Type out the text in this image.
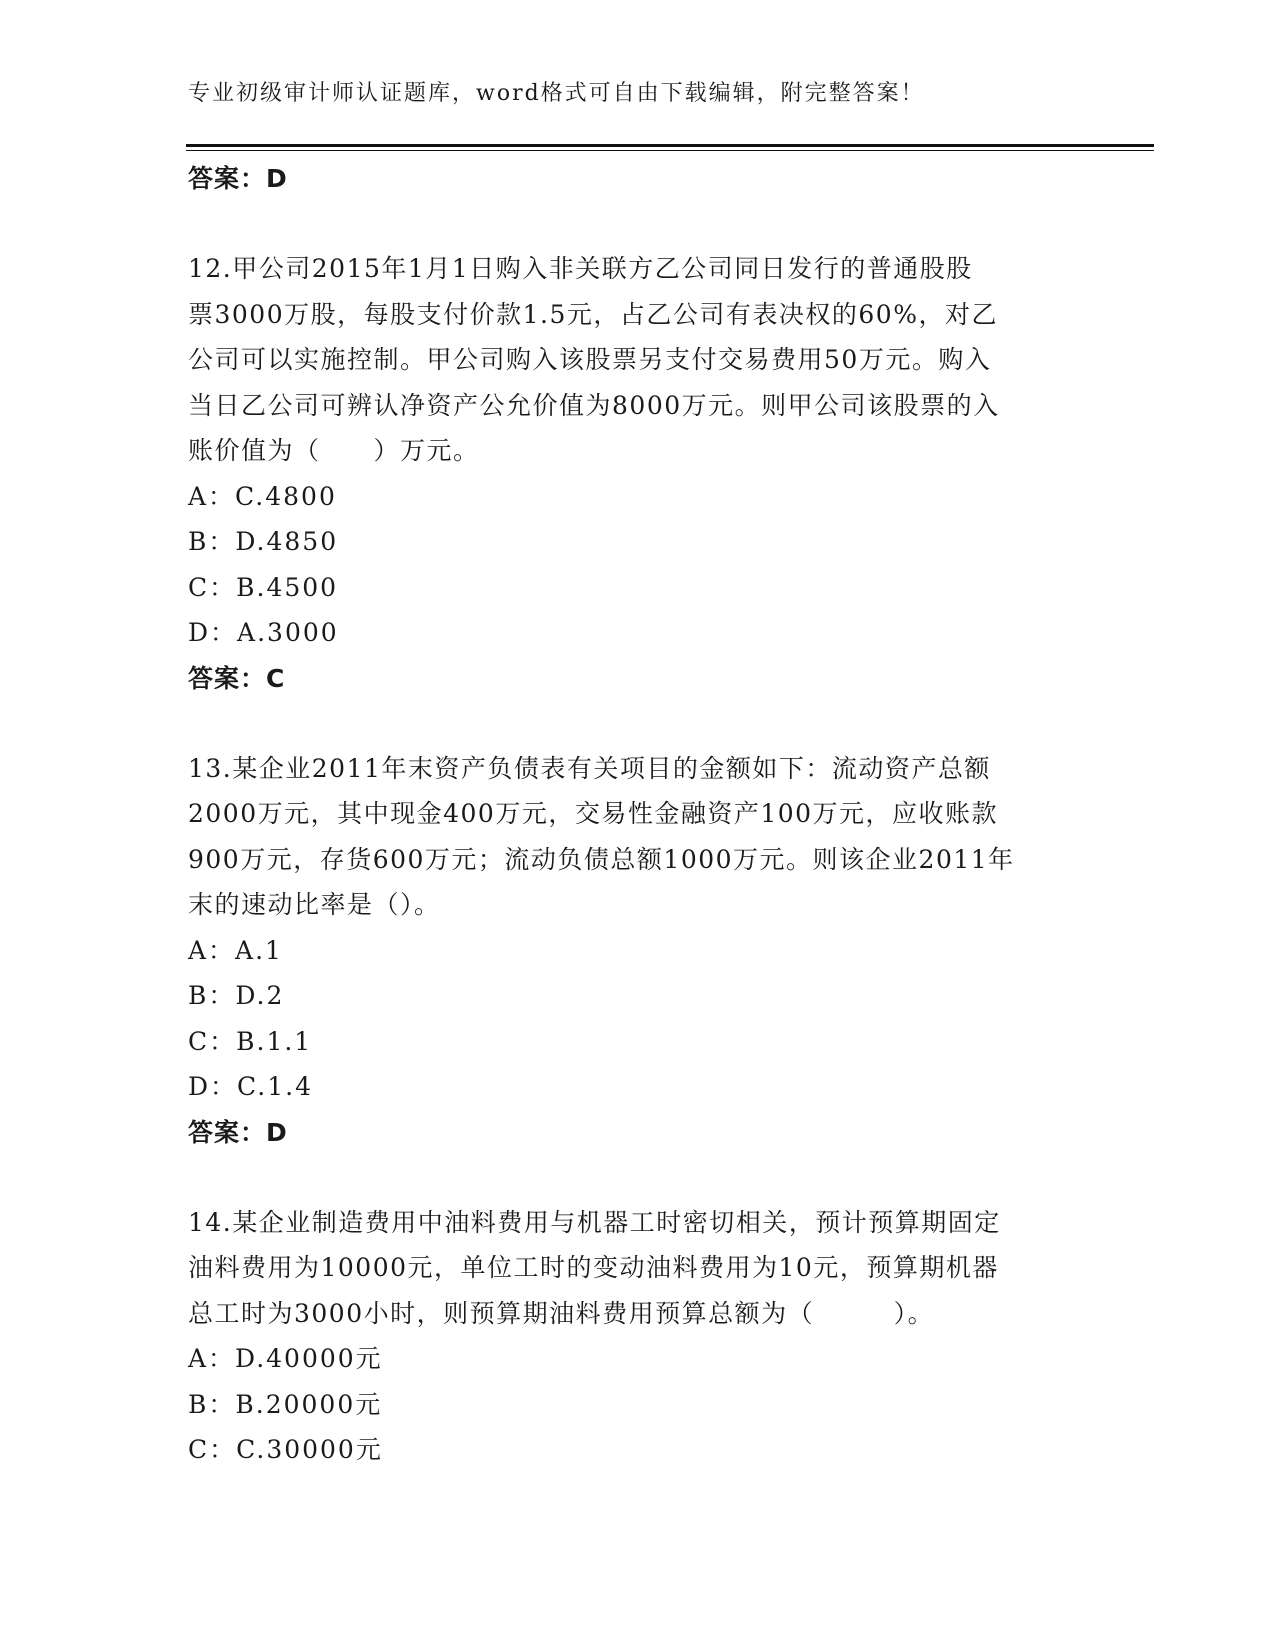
专业初级审计师认证题库，word格式可自由下载编辑，附完整答案！
答案：D
12.甲公司2015年1月1日购入非关联方乙公司同日发行的普通股股
票3000万股，每股支付价款1.5元，占乙公司有表决权的60%，对乙
公司可以实施控制。甲公司购入该股票另支付交易费用50万元。购入
当日乙公司可辨认净资产公允价值为8000万元。则甲公司该股票的入
账价值为（　　）万元。
A：C.4800
B：D.4850
C：B.4500
D：A.3000
答案：C
13.某企业2011年末资产负债表有关项目的金额如下：流动资产总额
2000万元，其中现金400万元，交易性金融资产100万元，应收账款
900万元，存货600万元；流动负债总额1000万元。则该企业2011年
末的速动比率是（）。
A：A.1
B：D.2
C：B.1.1
D：C.1.4
答案：D
14.某企业制造费用中油料费用与机器工时密切相关，预计预算期固定
油料费用为10000元，单位工时的变动油料费用为10元，预算期机器
总工时为3000小时，则预算期油料费用预算总额为（　　　）。
A：D.40000元
B：B.20000元
C：C.30000元
